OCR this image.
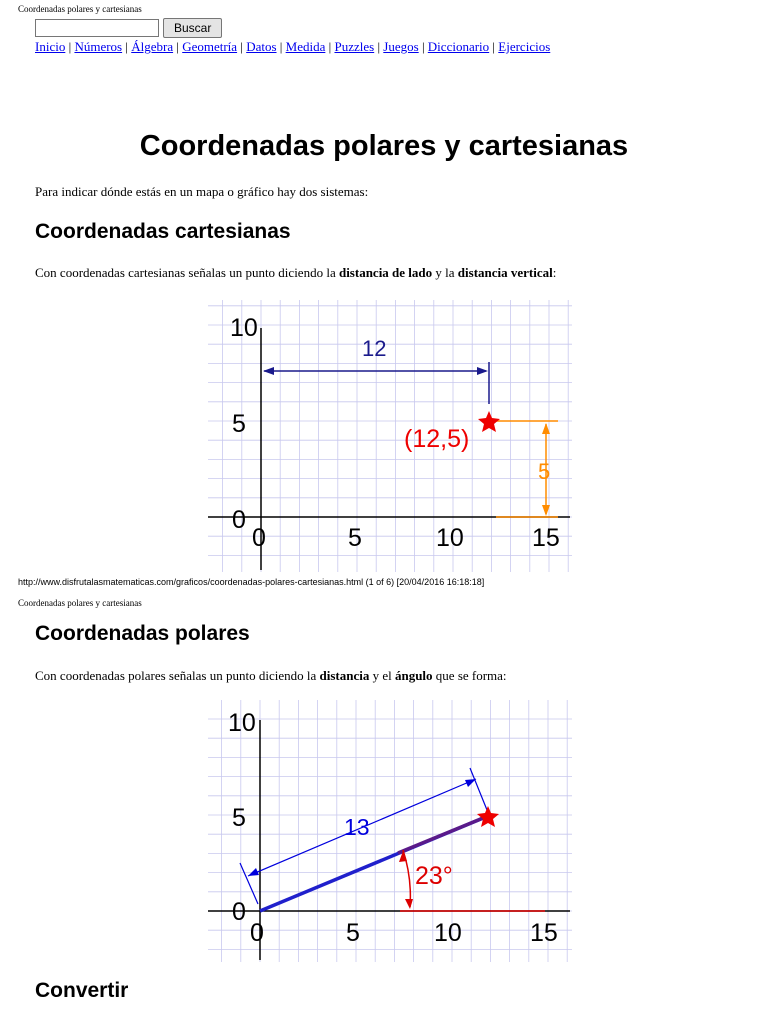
Coordenadas polares y cartesianas
Buscar
Inicio | Números | Álgebra | Geometría | Datos | Medida | Puzzles | Juegos | Diccionario | Ejercicios
Coordenadas polares y cartesianas

Para indicar dónde estás en un mapa o gráfico hay dos sistemas:

Coordenadas cartesianas

Con coordenadas cartesianas señalas un punto diciendo la distancia de lado y la distancia vertical:

10
5
0
0	5	10	15
12
5
(12,5)
http://www.disfrutalasmatematicas.com/graficos/coordenadas-polares-cartesianas.html (1 of 6) [20/04/2016 16:18:18]
Coordenadas polares y cartesianas
Coordenadas polares

Con coordenadas polares señalas un punto diciendo la distancia y el ángulo que se forma:

10
5
0
0	5	10	15
13
23°
Convertir
